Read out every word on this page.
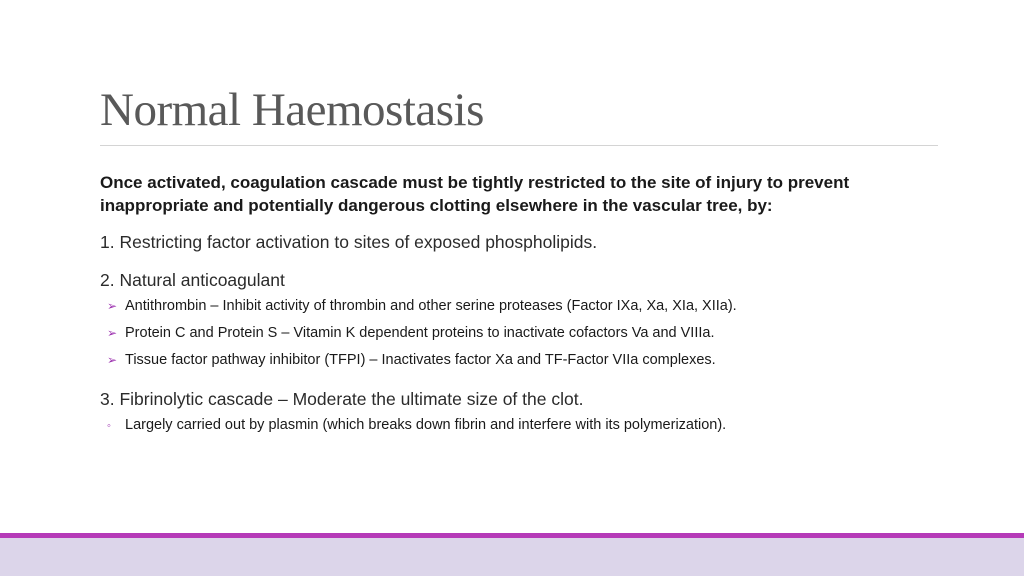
Normal Haemostasis

Once activated, coagulation cascade must be tightly restricted to the site of injury to prevent inappropriate and potentially dangerous clotting elsewhere in the vascular tree, by:

1. Restricting factor activation to sites of exposed phospholipids.

2. Natural anticoagulant

➢ Antithrombin – Inhibit activity of thrombin and other serine proteases (Factor IXa, Xa, XIa, XIIa).
➢ Protein C and Protein S – Vitamin K dependent proteins to inactivate cofactors Va and VIIIa.
➢ Tissue factor pathway inhibitor (TFPI) – Inactivates factor Xa and TF-Factor VIIa complexes.

3. Fibrinolytic cascade – Moderate the ultimate size of the clot.

◦ Largely carried out by plasmin (which breaks down fibrin and interfere with its polymerization).
